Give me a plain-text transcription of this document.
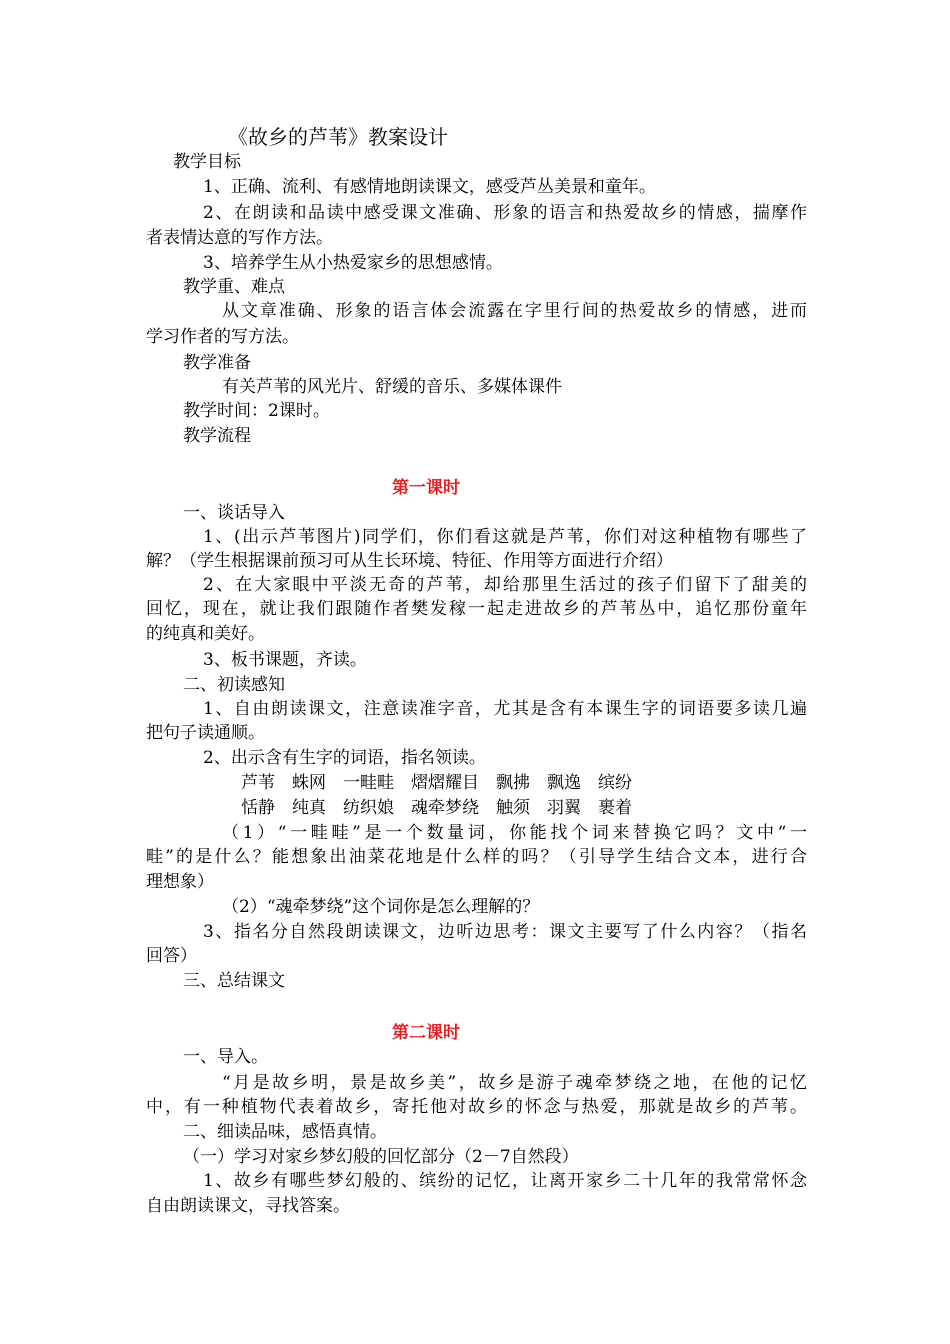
《故乡的芦苇》教案设计

教学目标

1、正确、流利、有感情地朗读课文，感受芦丛美景和童年。

2、在朗读和品读中感受课文准确、形象的语言和热爱故乡的情感，揣摩作

者表情达意的写作方法。

3、培养学生从小热爱家乡的思想感情。

教学重、难点

从文章准确、形象的语言体会流露在字里行间的热爱故乡的情感，进而

学习作者的写方法。

教学准备

有关芦苇的风光片、舒缓的音乐、多媒体课件

教学时间：2课时。

教学流程

第一课时

一、谈话导入

1、(出示芦苇图片)同学们，你们看这就是芦苇，你们对这种植物有哪些了

解？（学生根据课前预习可从生长环境、特征、作用等方面进行介绍）

2、在大家眼中平淡无奇的芦苇，却给那里生活过的孩子们留下了甜美的

回忆，现在，就让我们跟随作者樊发稼一起走进故乡的芦苇丛中，追忆那份童年

的纯真和美好。

3、板书课题，齐读。

二、初读感知

1、自由朗读课文，注意读准字音，尤其是含有本课生字的词语要多读几遍

把句子读通顺。

2、出示含有生字的词语，指名领读。

芦苇　蛛网　一畦畦　熠熠耀目　飘拂　飘逸　缤纷

恬静　纯真　纺织娘　魂牵梦绕　触须　羽翼　裹着

（1）“一畦畦”是一个数量词，你能找个词来替换它吗？文中“一

畦”的是什么？能想象出油菜花地是什么样的吗？（引导学生结合文本，进行合

理想象）

（2）“魂牵梦绕”这个词你是怎么理解的？

3、指名分自然段朗读课文，边听边思考：课文主要写了什么内容？（指名

回答）

三、总结课文

第二课时

一、导入。

“月是故乡明，景是故乡美”，故乡是游子魂牵梦绕之地，在他的记忆

中，有一种植物代表着故乡，寄托他对故乡的怀念与热爱，那就是故乡的芦苇。

二、细读品味，感悟真情。

（一）学习对家乡梦幻般的回忆部分（2－7自然段）

1、故乡有哪些梦幻般的、缤纷的记忆，让离开家乡二十几年的我常常怀念

自由朗读课文，寻找答案。
